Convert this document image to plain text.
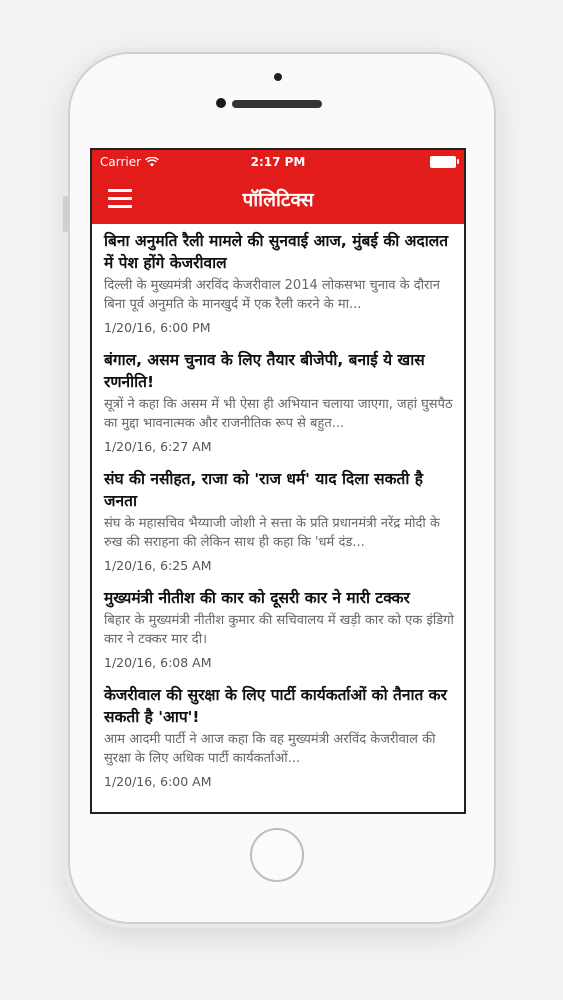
Carrier	2:17 PM
पॉलिटिक्स

बिना अनुमति रैली मामले की सुनवाई आज, मुंबई की अदालत में पेश होंगे केजरीवाल

दिल्ली के मुख्यमंत्री अरविंद केजरीवाल 2014 लोकसभा चुनाव के दौरान बिना पूर्व अनुमति के मानखुर्द में एक रैली करने के मा...

1/20/16, 6:00 PM

बंगाल, असम चुनाव के लिए तैयार बीजेपी, बनाई ये खास रणनीति!

सूत्रों ने कहा कि असम में भी ऐसा ही अभियान चलाया जाएगा, जहां घुसपैठ का मुद्दा भावनात्मक और राजनीतिक रूप से बहुत...

1/20/16, 6:27 AM

संघ की नसीहत, राजा को 'राज धर्म' याद दिला सकती है जनता

संघ के महासचिव भैय्याजी जोशी ने सत्ता के प्रति प्रधानमंत्री नरेंद्र मोदी के रुख की सराहना की लेकिन साथ ही कहा कि 'धर्म दंड...

1/20/16, 6:25 AM

मुख्यमंत्री नीतीश की कार को दूसरी कार ने मारी टक्कर

बिहार के मुख्यमंत्री नीतीश कुमार की सचिवालय में खड़ी कार को एक इंडिगो कार ने टक्कर मार दी।

1/20/16, 6:08 AM

केजरीवाल की सुरक्षा के लिए पार्टी कार्यकर्ताओं को तैनात कर सकती है 'आप'!

आम आदमी पार्टी ने आज कहा कि वह मुख्यमंत्री अरविंद केजरीवाल की सुरक्षा के लिए अधिक पार्टी कार्यकर्ताओं...

1/20/16, 6:00 AM
